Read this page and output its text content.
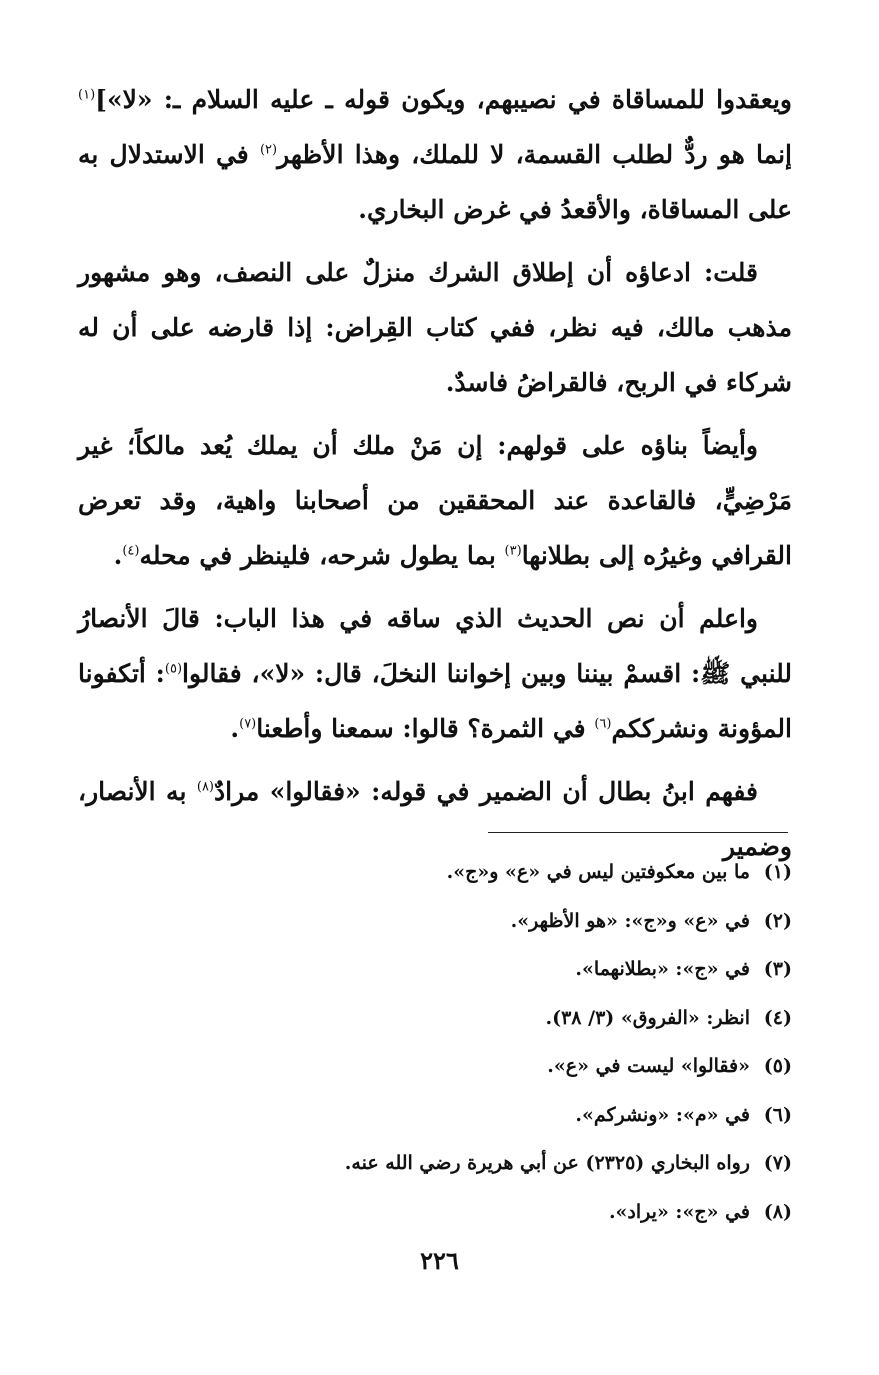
ويعقدوا للمساقاة في نصيبهم، ويكون قوله ـ عليه السلام ـ: «لا»]$^{(١)}$ إنما هو ردٌّ لطلب القسمة، لا للملك، وهذا الأظهر$^{(٢)}$ في الاستدلال به على المساقاة، والأقعدُ في غرض البخاري.

قلت: ادعاؤه أن إطلاق الشرك منزلٌ على النصف، وهو مشهور مذهب مالك، فيه نظر، ففي كتاب القِراض: إذا قارضه على أن له شركاء في الربح، فالقراضُ فاسدٌ.

وأيضاً بناؤه على قولهم: إن مَنْ ملك أن يملك يُعد مالكاً؛ غير مَرْضِيٍّ، فالقاعدة عند المحققين من أصحابنا واهية، وقد تعرض القرافي وغيرُه إلى بطلانها$^{(٣)}$ بما يطول شرحه، فلينظر في محله$^{(٤)}$.

واعلم أن نص الحديث الذي ساقه في هذا الباب: قالَ الأنصارُ للنبي ﷺ: اقسمْ بيننا وبين إخواننا النخلَ، قال: «لا»، فقالوا$^{(٥)}$: أتكفونا المؤونة ونشرككم$^{(٦)}$ في الثمرة؟ قالوا: سمعنا وأطعنا$^{(٧)}$.

ففهم ابنُ بطال أن الضمير في قوله: «فقالوا» مرادٌ$^{(٨)}$ به الأنصار، وضمير

(١)
ما بين معكوفتين ليس في «ع» و«ج».
(٢)
في «ع» و«ج»: «هو الأظهر».
(٣)
في «ج»: «بطلانهما».
(٤)
انظر: «الفروق» (٣/ ٣٨).
(٥)
«فقالوا» ليست في «ع».
(٦)
في «م»: «ونشركم».
(٧)
رواه البخاري (٢٣٢٥) عن أبي هريرة رضي الله عنه.
(٨)
في «ج»: «يراد».
٢٢٦
